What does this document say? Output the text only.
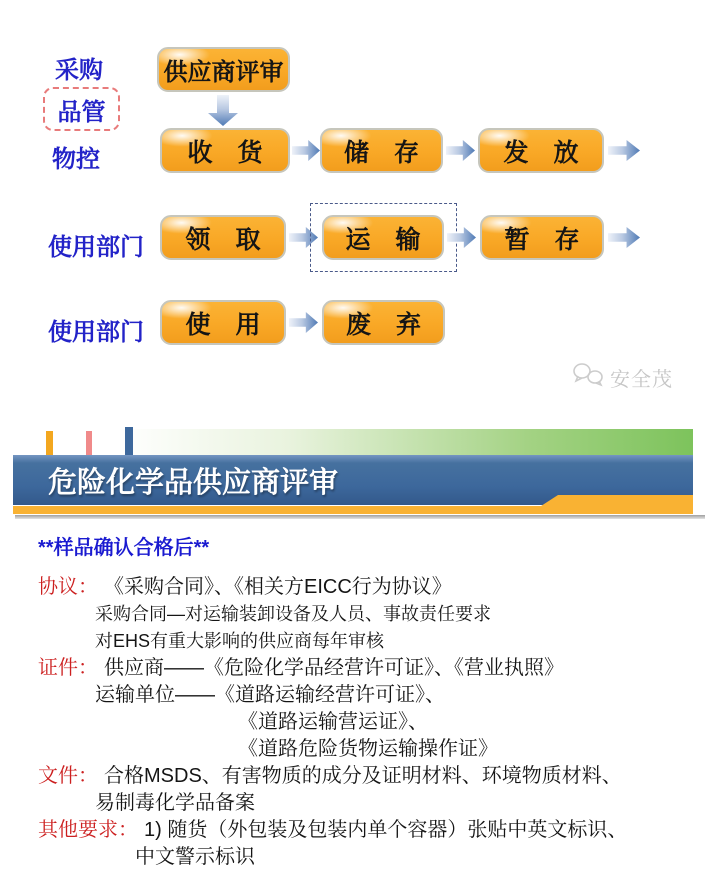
采购
品管
物控
供应商评审
收　货	储　存	发　放
使用部门	领　取	运　输	暂　存
使用部门	使　用	废　弃
安全茂
危险化学品供应商评审
**样品确认合格后**
协议： 《采购合同》、《相关方EICC行为协议》
采购合同—对运输装卸设备及人员、事故责任要求
对EHS有重大影响的供应商每年审核
证件： 供应商——《危险化学品经营许可证》、《营业执照》
运输单位——《道路运输经营许可证》、
《道路运输营运证》、
《道路危险货物运输操作证》
文件： 合格MSDS、有害物质的成分及证明材料、环境物质材料、
易制毒化学品备案
其他要求： 1) 随货（外包装及包装内单个容器）张贴中英文标识、
中文警示标识
